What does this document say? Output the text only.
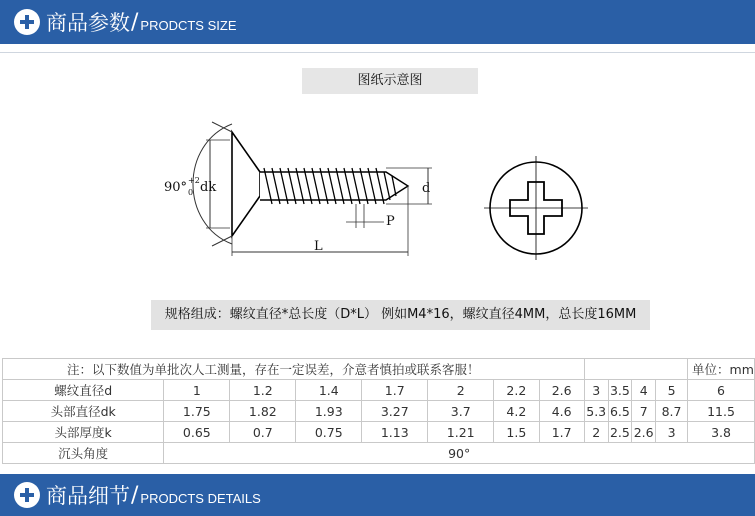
商品参数 / PRODCTS SIZE
图纸示意图
90° +2
0 dk	d
P
L
规格组成：螺纹直径*总长度（D*L） 例如M4*16，螺纹直径4MM，总长度16MM
注：以下数值为单批次人工测量，存在一定误差，介意者慎拍或联系客服！												单位：mm
螺纹直径d	1	1.2	1.4	1.7	2	2.2	2.6	3	3.5	4	5	6
头部直径dk	1.75	1.82	1.93	3.27	3.7	4.2	4.6	5.3	6.5	7	8.7	11.5
头部厚度k	0.65	0.7	0.75	1.13	1.21	1.5	1.7	2	2.5	2.6	3	3.8
沉头角度	90°											
商品细节 / PRODCTS DETAILS
